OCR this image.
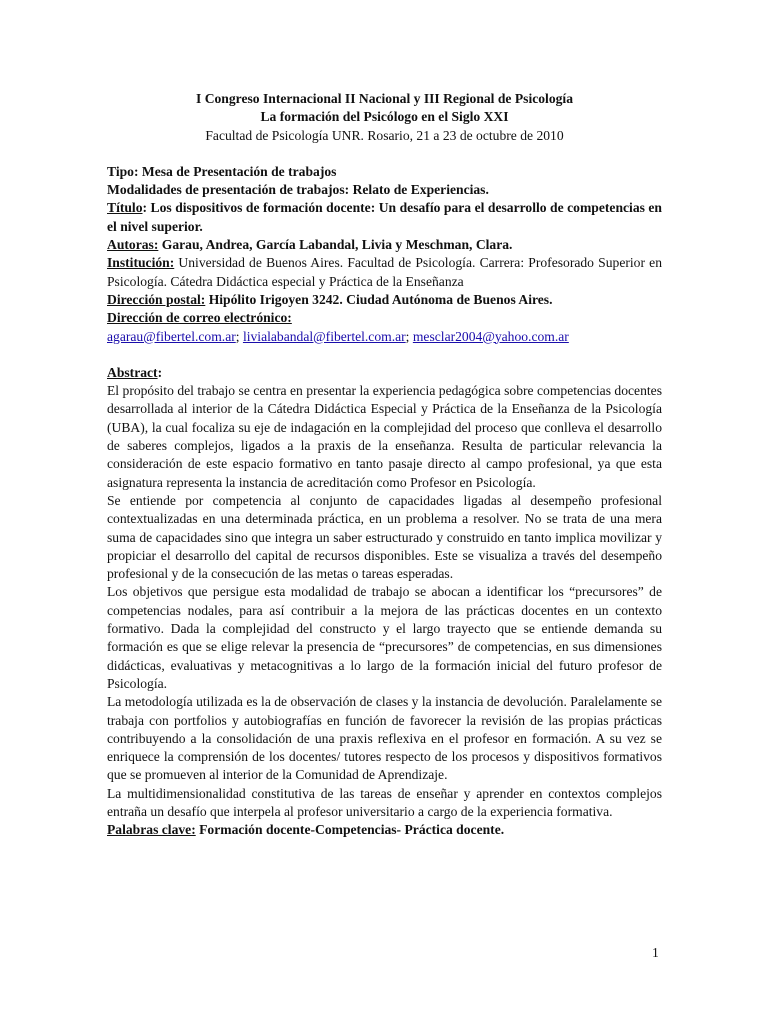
I Congreso Internacional II Nacional y III Regional de Psicología
La formación del Psicólogo en el Siglo XXI
Facultad de Psicología UNR. Rosario, 21 a 23 de octubre de 2010

Tipo: Mesa de Presentación de trabajos

Modalidades de presentación de trabajos: Relato de Experiencias.

Título: Los dispositivos de formación docente: Un desafío para el desarrollo de competencias en el nivel superior.

Autoras: Garau, Andrea, García Labandal, Livia y Meschman, Clara.

Institución: Universidad de Buenos Aires. Facultad de Psicología. Carrera: Profesorado Superior en Psicología. Cátedra Didáctica especial y Práctica de la Enseñanza

Dirección postal: Hipólito Irigoyen 3242. Ciudad Autónoma de Buenos Aires.

Dirección de correo electrónico:

agarau@fibertel.com.ar; livialabandal@fibertel.com.ar; mesclar2004@yahoo.com.ar

Abstract:

El propósito del trabajo se centra en presentar la experiencia pedagógica sobre competencias docentes desarrollada al interior de la Cátedra Didáctica Especial y Práctica de la Enseñanza de la Psicología (UBA), la cual focaliza su eje de indagación en la complejidad del proceso que conlleva el desarrollo de saberes complejos, ligados a la praxis de la enseñanza. Resulta de particular relevancia la consideración de este espacio formativo en tanto pasaje directo al campo profesional, ya que esta asignatura representa la instancia de acreditación como Profesor en Psicología.

Se entiende por competencia al conjunto de capacidades ligadas al desempeño profesional contextualizadas en una determinada práctica, en un problema a resolver. No se trata de una mera suma de capacidades sino que integra un saber estructurado y construido en tanto implica movilizar y propiciar el desarrollo del capital de recursos disponibles. Este se visualiza a través del desempeño profesional y de la consecución de las metas o tareas esperadas.

Los objetivos que persigue esta modalidad de trabajo se abocan a identificar los “precursores” de competencias nodales, para así contribuir a la mejora de las prácticas docentes en un contexto formativo. Dada la complejidad del constructo y el largo trayecto que se entiende demanda su formación es que se elige relevar la presencia de “precursores” de competencias, en sus dimensiones didácticas, evaluativas y metacognitivas a lo largo de la formación inicial del futuro profesor de Psicología.

La metodología utilizada es la de observación de clases y la instancia de devolución. Paralelamente se trabaja con portfolios y autobiografías en función de favorecer la revisión de las propias prácticas contribuyendo a la consolidación de una praxis reflexiva en el profesor en formación. A su vez se enriquece la comprensión de los docentes/ tutores respecto de los procesos y dispositivos formativos que se promueven al interior de la Comunidad de Aprendizaje.

La multidimensionalidad constitutiva de las tareas de enseñar y aprender en contextos complejos entraña un desafío que interpela al profesor universitario a cargo de la experiencia formativa.

Palabras clave: Formación docente-Competencias- Práctica docente.

1
